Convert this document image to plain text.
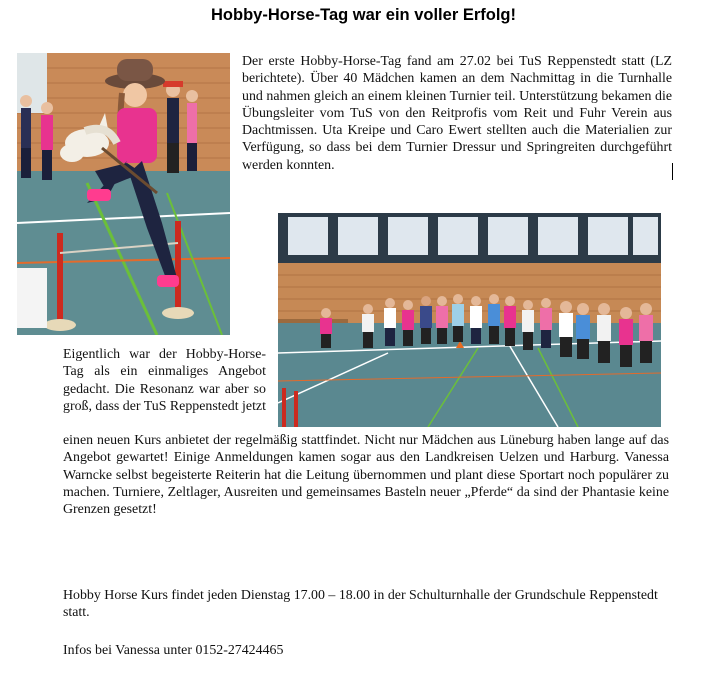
Hobby-Horse-Tag war ein voller Erfolg!
Der erste Hobby-Horse-Tag fand am 27.02 bei TuS Reppenstedt statt (LZ berichtete). Über 40 Mädchen kamen an dem Nachmittag in die Turnhalle und nahmen gleich an einem kleinen Turnier teil. Unterstützung bekamen die Übungsleiter vom TuS von den Reitprofis vom Reit und Fuhr Verein aus Dachtmissen. Uta Kreipe und Caro Ewert stellten auch die Materialien zur Verfügung, so dass bei dem Turnier Dressur und Springreiten durchgeführt werden konnten.
Eigentlich war der Hobby-Horse-Tag als ein einmaliges Angebot gedacht. Die Resonanz war aber so groß, dass der TuS Reppenstedt jetzt
einen neuen Kurs anbietet der regelmäßig stattfindet. Nicht nur Mädchen aus Lüneburg haben lange auf das Angebot gewartet! Einige Anmeldungen kamen sogar aus den Landkreisen Uelzen und Harburg. Vanessa Warncke selbst begeisterte Reiterin hat die Leitung übernommen und plant diese Sportart noch populärer zu machen. Turniere, Zeltlager, Ausreiten und gemeinsames Basteln neuer „Pferde“ da sind der Phantasie keine Grenzen gesetzt!
Hobby Horse Kurs findet jeden Dienstag 17.00 – 18.00 in der Schulturnhalle der Grundschule Reppenstedt statt.
Infos bei Vanessa unter 0152-27424465
